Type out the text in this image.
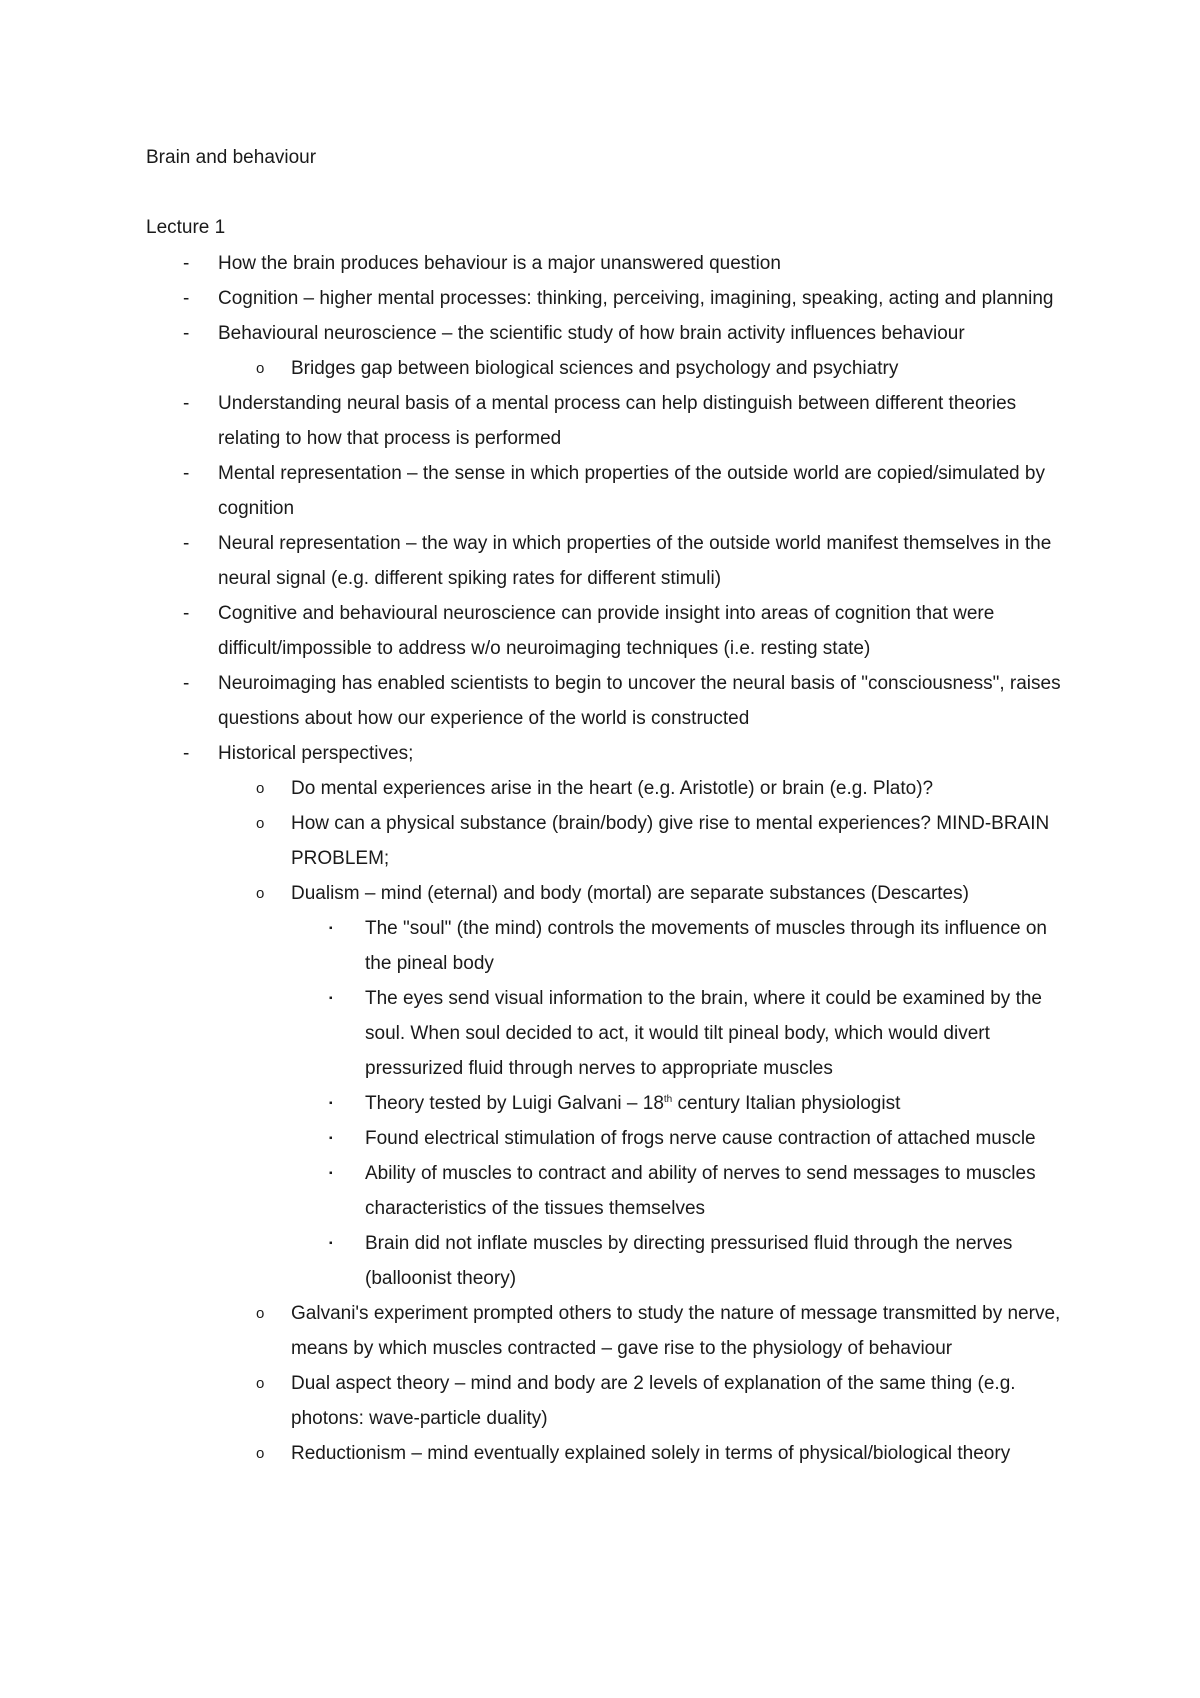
Brain and behaviour
Lecture 1
- How the brain produces behaviour is a major unanswered question
- Cognition – higher mental processes: thinking, perceiving, imagining, speaking, acting and planning
- Behavioural neuroscience – the scientific study of how brain activity influences behaviour
o Bridges gap between biological sciences and psychology and psychiatry
- Understanding neural basis of a mental process can help distinguish between different theories relating to how that process is performed
- Mental representation – the sense in which properties of the outside world are copied/simulated by cognition
- Neural representation – the way in which properties of the outside world manifest themselves in the neural signal (e.g. different spiking rates for different stimuli)
- Cognitive and behavioural neuroscience can provide insight into areas of cognition that were difficult/impossible to address w/o neuroimaging techniques (i.e. resting state)
- Neuroimaging has enabled scientists to begin to uncover the neural basis of "consciousness", raises questions about how our experience of the world is constructed
- Historical perspectives;
o Do mental experiences arise in the heart (e.g. Aristotle) or brain (e.g. Plato)?
o How can a physical substance (brain/body) give rise to mental experiences? MIND-BRAIN PROBLEM;
o Dualism – mind (eternal) and body (mortal) are separate substances (Descartes)
▪ The "soul" (the mind) controls the movements of muscles through its influence on the pineal body
▪ The eyes send visual information to the brain, where it could be examined by the soul. When soul decided to act, it would tilt pineal body, which would divert pressurized fluid through nerves to appropriate muscles
▪ Theory tested by Luigi Galvani – 18th century Italian physiologist
▪ Found electrical stimulation of frogs nerve cause contraction of attached muscle
▪ Ability of muscles to contract and ability of nerves to send messages to muscles characteristics of the tissues themselves
▪ Brain did not inflate muscles by directing pressurised fluid through the nerves (balloonist theory)
o Galvani's experiment prompted others to study the nature of message transmitted by nerve, means by which muscles contracted – gave rise to the physiology of behaviour
o Dual aspect theory – mind and body are 2 levels of explanation of the same thing (e.g. photons: wave-particle duality)
o Reductionism – mind eventually explained solely in terms of physical/biological theory
